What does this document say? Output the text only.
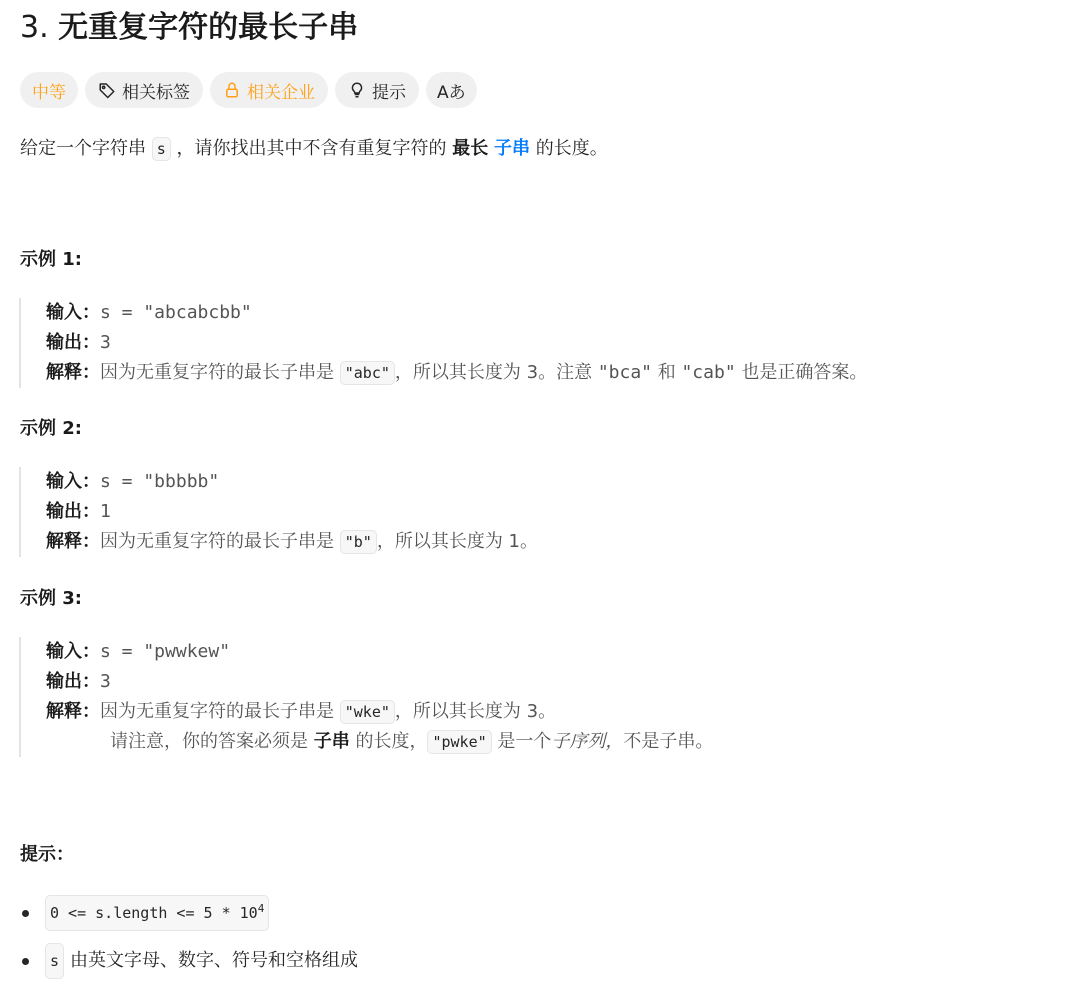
3. 无重复字符的最长子串
中等	相关标签	相关企业	提示 Aあ

给定一个字符串 s ，请你找出其中不含有重复字符的 最长 子串 的长度。

示例 1:
输入：s = "abcabcbb"
输出：3
解释：因为无重复字符的最长子串是 "abc" ，所以其长度为 3。注意 "bca" 和 "cab" 也是正确答案。
示例 2:
输入：s = "bbbbb"
输出：1
解释：因为无重复字符的最长子串是 "b" ，所以其长度为 1。
示例 3:
输入：s = "pwwkew"
输出：3
解释：因为无重复字符的最长子串是 "wke" ，所以其长度为 3。
请注意，你的答案必须是 子串 的长度， "pwke" 是一个子序列，不是子串。
提示：
0 <= s.length <= $5 * 10^4$
s 由英文字母、数字、符号和空格组成
